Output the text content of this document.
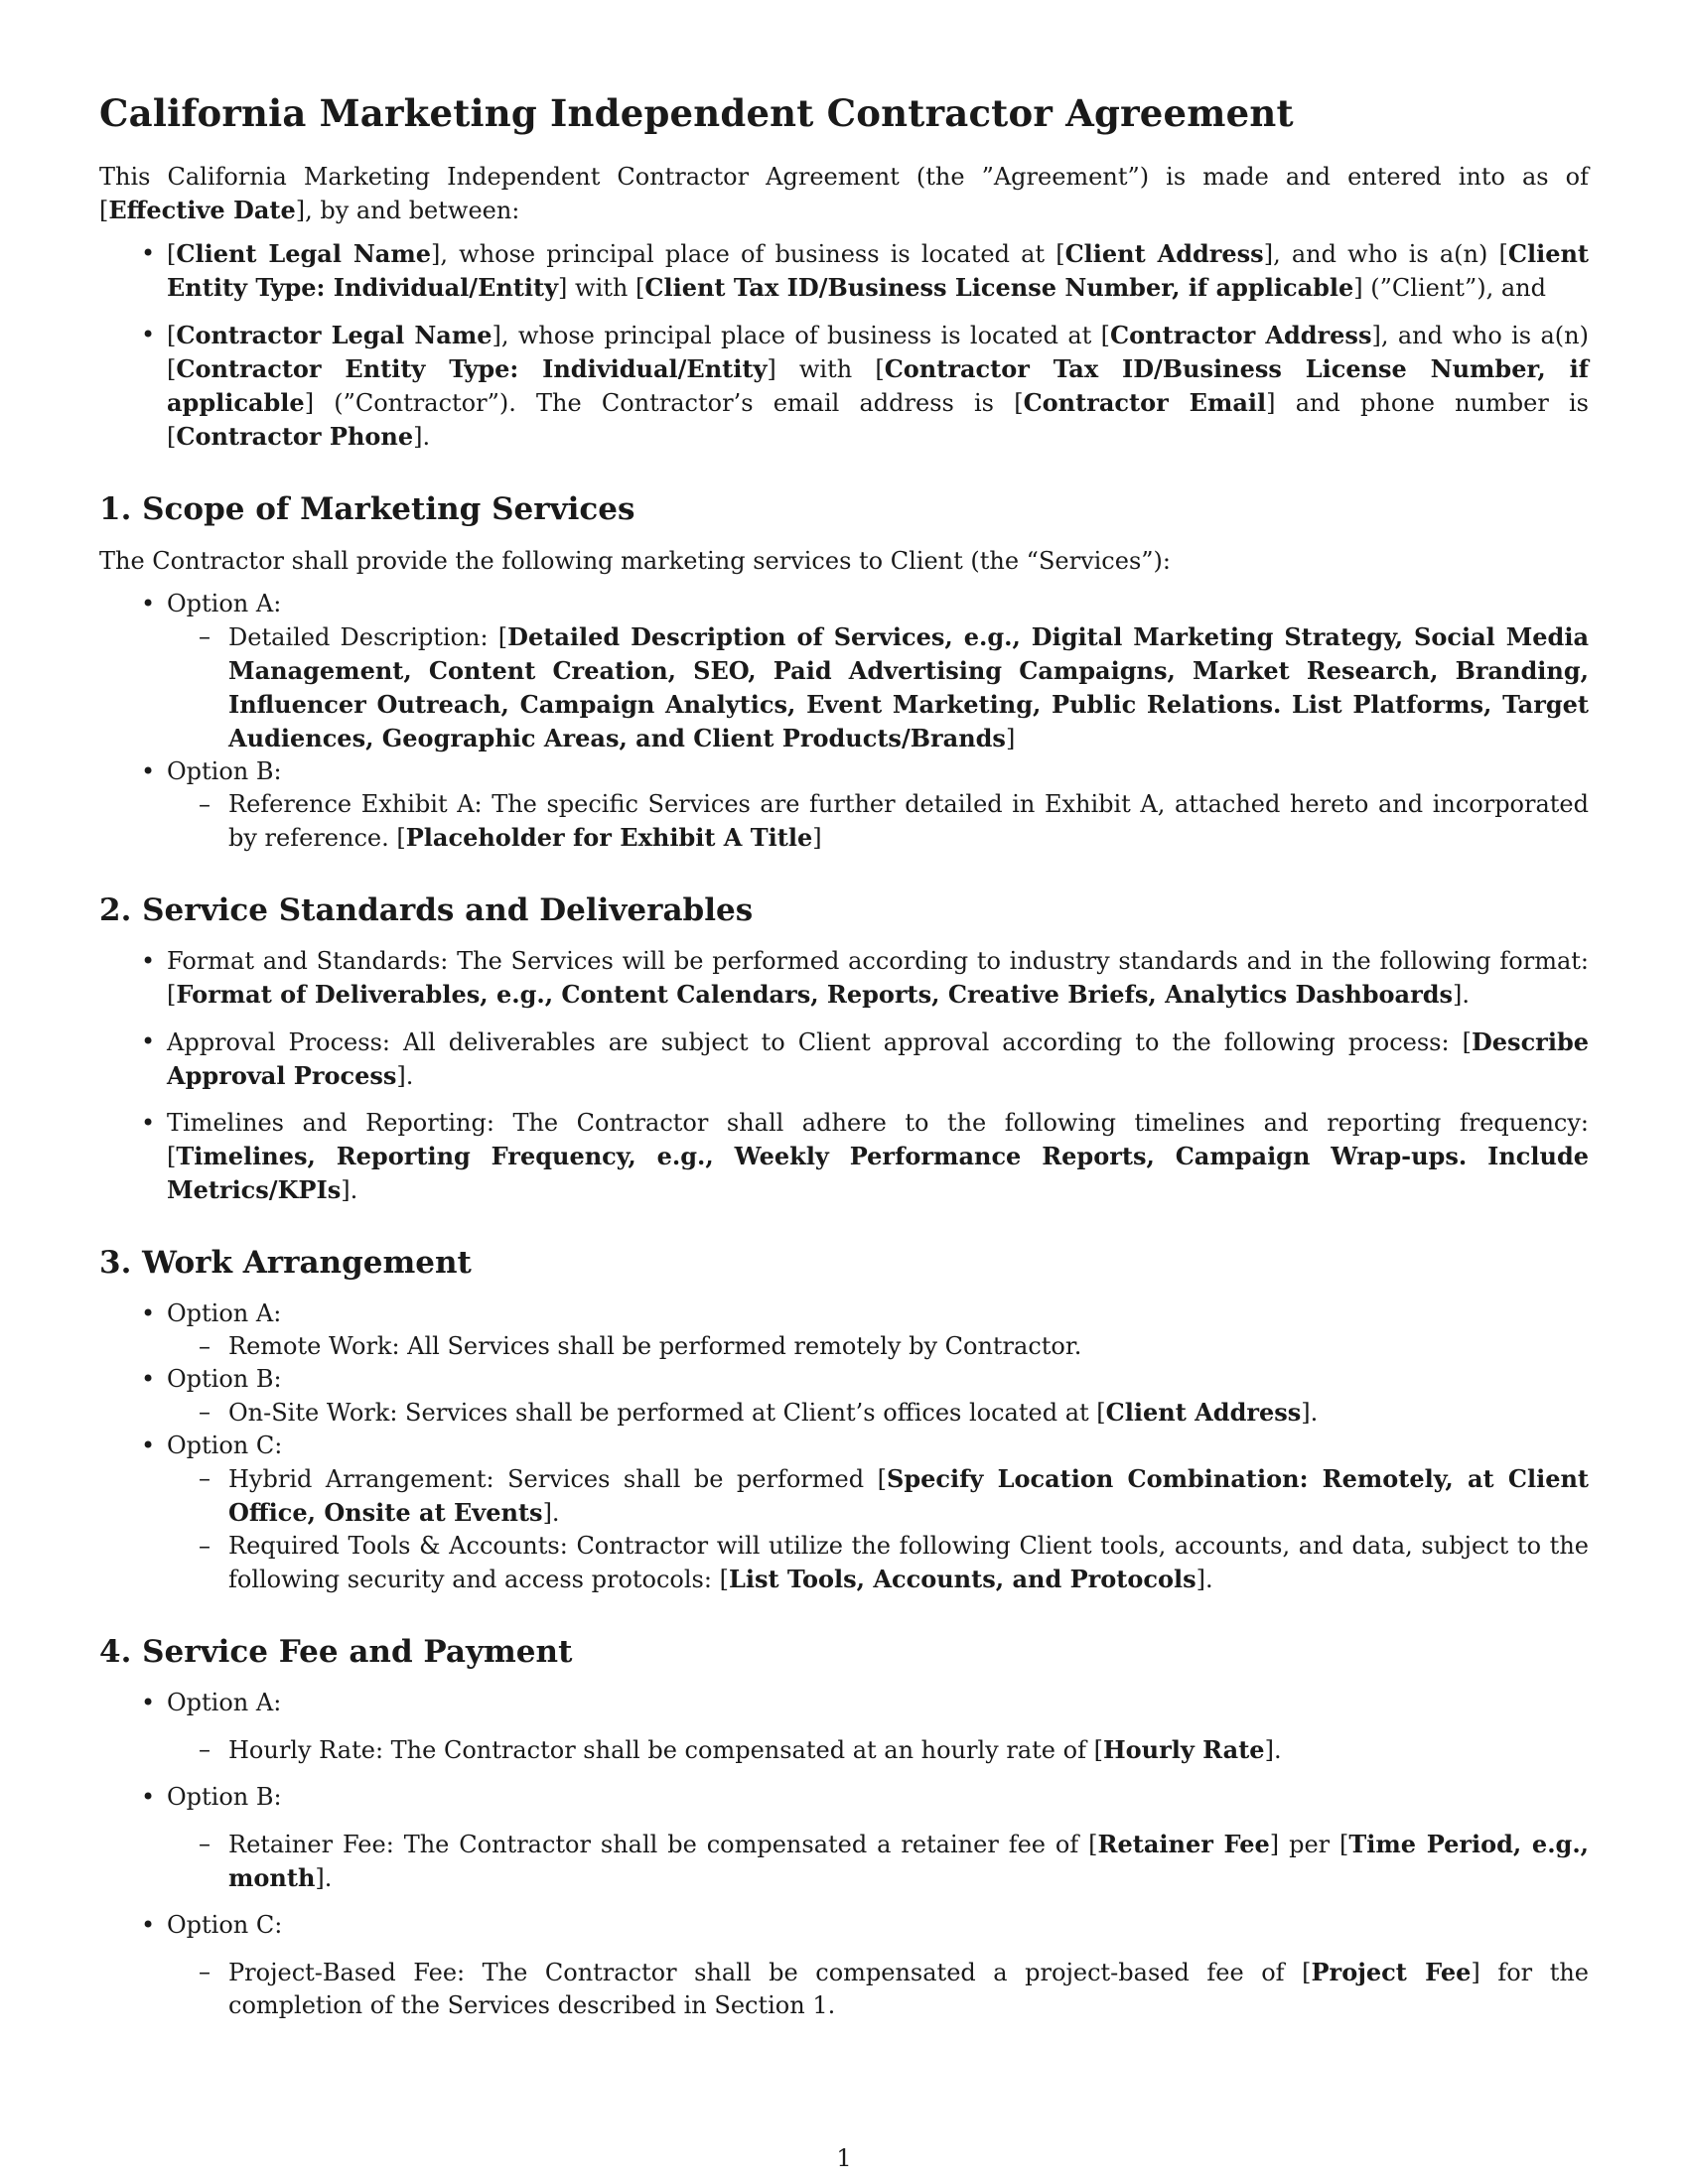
California Marketing Independent Contractor Agreement

This California Marketing Independent Contractor Agreement (the ”Agreement”) is made and entered into as of [Effective Date], by and between:

• [Client Legal Name], whose principal place of business is located at [Client Address], and who is a(n) [Client Entity Type: Individual/Entity] with [Client Tax ID/Business License Number, if applicable] (”Client”), and
• [Contractor Legal Name], whose principal place of business is located at [Contractor Address], and who is a(n) [Contractor Entity Type: Individual/Entity] with [Contractor Tax ID/Business License Number, if applicable] (”Contractor”). The Contractor’s email address is [Contractor Email] and phone number is [Contractor Phone].
1. Scope of Marketing Services

The Contractor shall provide the following marketing services to Client (the “Services”):

• Option A:
– Detailed Description: [Detailed Description of Services, e.g., Digital Marketing Strategy, Social Media Management, Content Creation, SEO, Paid Advertising Campaigns, Market Research, Branding, Influencer Outreach, Campaign Analytics, Event Marketing, Public Relations. List Platforms, Target Audiences, Geographic Areas, and Client Products/Brands]
• Option B:
– Reference Exhibit A: The specific Services are further detailed in Exhibit A, attached hereto and incorporated by reference. [Placeholder for Exhibit A Title]
2. Service Standards and Deliverables
• Format and Standards: The Services will be performed according to industry standards and in the following format: [Format of Deliverables, e.g., Content Calendars, Reports, Creative Briefs, Analytics Dashboards].
• Approval Process: All deliverables are subject to Client approval according to the following process: [Describe Approval Process].
• Timelines and Reporting: The Contractor shall adhere to the following timelines and reporting frequency: [Timelines, Reporting Frequency, e.g., Weekly Performance Reports, Campaign Wrap-ups. Include Metrics/KPIs].
3. Work Arrangement
• Option A:
– Remote Work: All Services shall be performed remotely by Contractor.
• Option B:
– On-Site Work: Services shall be performed at Client’s offices located at [Client Address].
• Option C:
– Hybrid Arrangement: Services shall be performed [Specify Location Combination: Remotely, at Client Office, Onsite at Events].
– Required Tools & Accounts: Contractor will utilize the following Client tools, accounts, and data, subject to the following security and access protocols: [List Tools, Accounts, and Protocols].
4. Service Fee and Payment
• Option A:
– Hourly Rate: The Contractor shall be compensated at an hourly rate of [Hourly Rate].
• Option B:
– Retainer Fee: The Contractor shall be compensated a retainer fee of [Retainer Fee] per [Time Period, e.g., month].
• Option C:
– Project-Based Fee: The Contractor shall be compensated a project-based fee of [Project Fee] for the completion of the Services described in Section 1.
1
